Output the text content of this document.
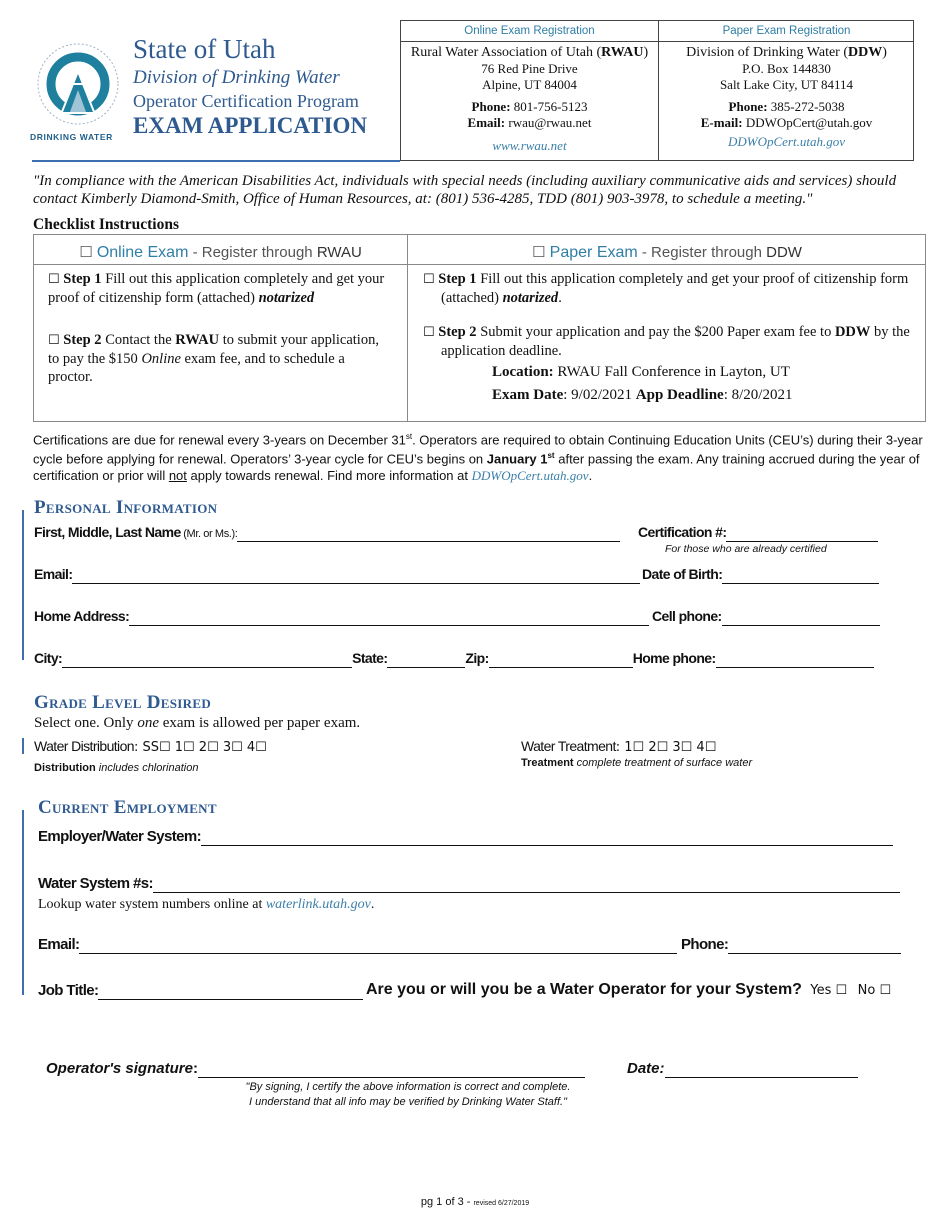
DRINKING WATER
State of Utah
Division of Drinking Water
Operator Certification Program
EXAM APPLICATION
Online Exam Registration
Rural Water Association of Utah (RWAU)
76 Red Pine Drive
Alpine, UT 84004
Phone: 801-756-5123
Email: rwau@rwau.net
www.rwau.net
Paper Exam Registration
Division of Drinking Water (DDW)
P.O. Box 144830
Salt Lake City, UT 84114
Phone: 385-272-5038
E-mail: DDWOpCert@utah.gov
DDWOpCert.utah.gov
"In compliance with the American Disabilities Act, individuals with special needs (including auxiliary communicative aids and services) should contact Kimberly Diamond-Smith, Office of Human Resources, at: (801) 536-4285, TDD (801) 903-3978, to schedule a meeting."
Checklist Instructions
☐ Online Exam - Register through RWAU
☐ Step 1 Fill out this application completely and get your proof of citizenship form (attached) notarized
☐ Step 2 Contact the RWAU to submit your application, to pay the $150 Online exam fee, and to schedule a proctor.
☐ Paper Exam - Register through DDW
☐ Step 1 Fill out this application completely and get your proof of citizenship form (attached) notarized.
☐ Step 2 Submit your application and pay the $200 Paper exam fee to DDW by the application deadline.
Location: RWAU Fall Conference in Layton, UT
Exam Date: 9/02/2021 App Deadline: 8/20/2021
Certifications are due for renewal every 3-years on December 31st. Operators are required to obtain Continuing Education Units (CEU’s) during their 3-year cycle before applying for renewal. Operators’ 3-year cycle for CEU’s begins on January 1st after passing the exam. Any training accrued during the year of certification or prior will not apply towards renewal. Find more information at DDWOpCert.utah.gov.
Personal Information
First, Middle, Last Name (Mr. or Ms.):	Certification #:
For those who are already certified
Email:	Date of Birth:
Home Address:	Cell phone:
City:	State:	Zip:	Home phone:
Grade Level Desired
Select one. Only one exam is allowed per paper exam.
Water Distribution: SS☐ 1☐ 2☐ 3☐ 4☐
Distribution includes chlorination
Water Treatment: 1☐ 2☐ 3☐ 4☐
Treatment complete treatment of surface water
Current Employment
Employer/Water System:
Water System #s:
Lookup water system numbers online at waterlink.utah.gov.
Email:	Phone:
Job Title:	Are you or will you be a Water Operator for your System? Yes ☐ No ☐
Operator's signature:	Date:
"By signing, I certify the above information is correct and complete.
I understand that all info may be verified by Drinking Water Staff."
pg 1 of 3 - revised 6/27/2019
